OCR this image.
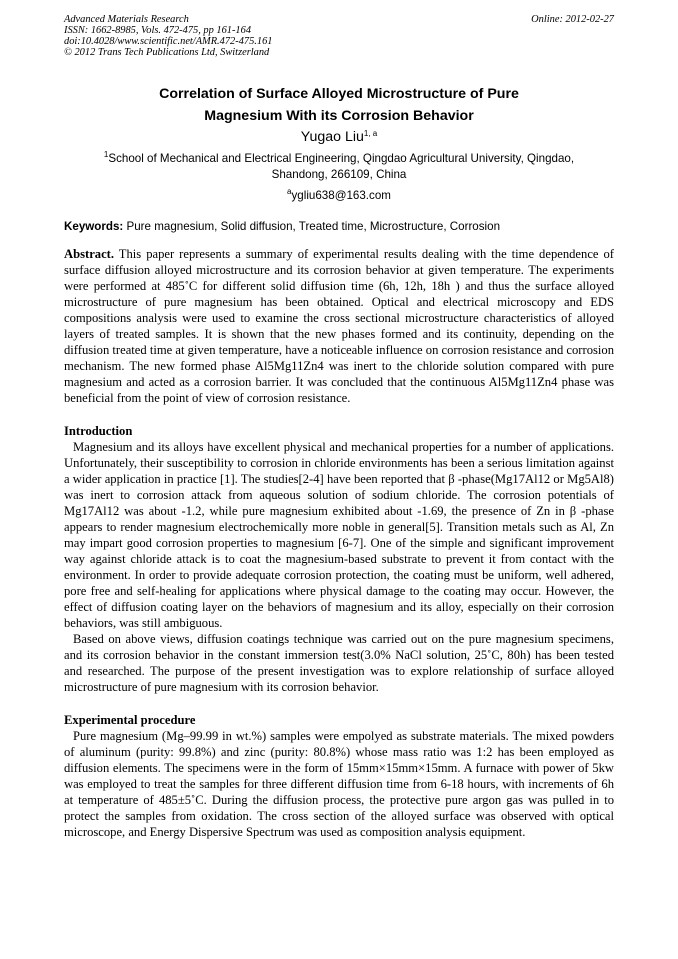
Advanced Materials Research
ISSN: 1662-8985, Vols. 472-475, pp 161-164
doi:10.4028/www.scientific.net/AMR.472-475.161
© 2012 Trans Tech Publications Ltd, Switzerland
Online: 2012-02-27
Correlation of Surface Alloyed Microstructure of Pure
Magnesium With its Corrosion Behavior
Yugao Liu$^{1, a}$
$^1$School of Mechanical and Electrical Engineering, Qingdao Agricultural University, Qingdao,
Shandong, 266109, China
$^a$ygliu638@163.com
Keywords: Pure magnesium, Solid diffusion, Treated time, Microstructure, Corrosion
Abstract. This paper represents a summary of experimental results dealing with the time dependence of surface diffusion alloyed microstructure and its corrosion behavior at given temperature. The experiments were performed at 485˚C for different solid diffusion time (6h, 12h, 18h ) and thus the surface alloyed microstructure of pure magnesium has been obtained. Optical and electrical microscopy and EDS compositions analysis were used to examine the cross sectional microstructure characteristics of alloyed layers of treated samples. It is shown that the new phases formed and its continuity, depending on the diffusion treated time at given temperature, have a noticeable influence on corrosion resistance and corrosion mechanism. The new formed phase Al5Mg11Zn4 was inert to the chloride solution compared with pure magnesium and acted as a corrosion barrier. It was concluded that the continuous Al5Mg11Zn4 phase was beneficial from the point of view of corrosion resistance.
Introduction

Magnesium and its alloys have excellent physical and mechanical properties for a number of applications. Unfortunately, their susceptibility to corrosion in chloride environments has been a serious limitation against a wider application in practice [1]. The studies[2-4] have been reported that β -phase(Mg17Al12 or Mg5Al8) was inert to corrosion attack from aqueous solution of sodium chloride. The corrosion potentials of Mg17Al12 was about -1.2, while pure magnesium exhibited about -1.69, the presence of Zn in β -phase appears to render magnesium electrochemically more noble in general[5]. Transition metals such as Al, Zn may impart good corrosion properties to magnesium [6-7]. One of the simple and significant improvement way against chloride attack is to coat the magnesium-based substrate to prevent it from contact with the environment. In order to provide adequate corrosion protection, the coating must be uniform, well adhered, pore free and self-healing for applications where physical damage to the coating may occur. However, the effect of diffusion coating layer on the behaviors of magnesium and its alloy, especially on their corrosion behaviors, was still ambiguous.

Based on above views, diffusion coatings technique was carried out on the pure magnesium specimens, and its corrosion behavior in the constant immersion test(3.0% NaCl solution, 25˚C, 80h) has been tested and researched. The purpose of the present investigation was to explore relationship of surface alloyed microstructure of pure magnesium with its corrosion behavior.

Experimental procedure

Pure magnesium (Mg–99.99 in wt.%) samples were empolyed as substrate materials. The mixed powders of aluminum (purity: 99.8%) and zinc (purity: 80.8%) whose mass ratio was 1:2 has been employed as diffusion elements. The specimens were in the form of 15mm×15mm×15mm. A furnace with power of 5kw was employed to treat the samples for three different diffusion time from 6-18 hours, with increments of 6h at temperature of 485±5˚C. During the diffusion process, the protective pure argon gas was pulled in to protect the samples from oxidation. The cross section of the alloyed surface was observed with optical microscope, and Energy Dispersive Spectrum was used as composition analysis equipment.
